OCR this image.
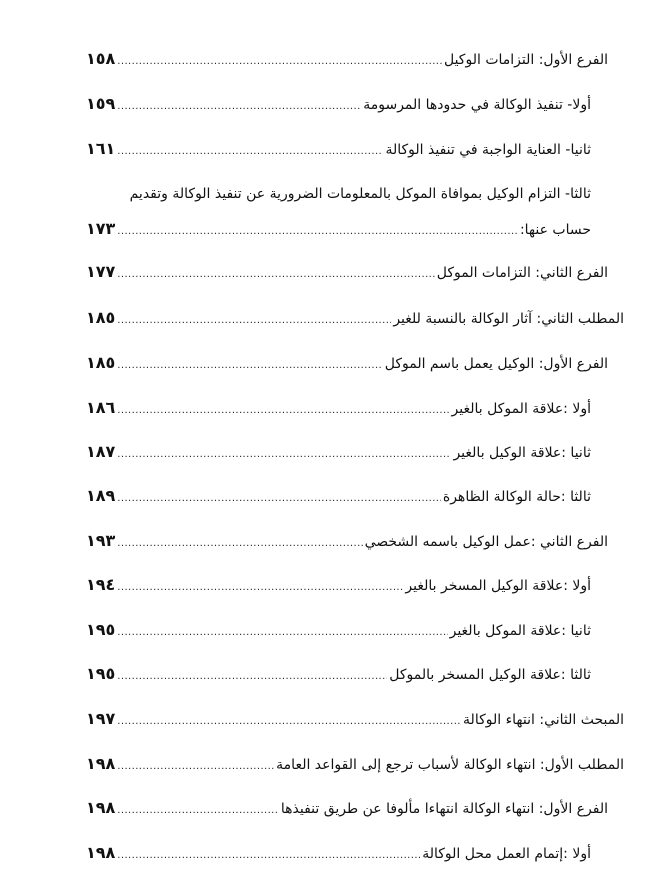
١٥٨ .....	الفرع الأول: التزامات الوكيل
١٥٩ .....	أولا- تنفيذ الوكالة في حدودها المرسومة
١٦١ .....	ثانيا- العناية الواجبة في تنفيذ الوكالة
ثالثا- التزام الوكيل بموافاة الموكل بالمعلومات الضرورية عن تنفيذ الوكالة وتقديم
١٧٣ .....	حساب عنها:
١٧٧ .....	الفرع الثاني: التزامات الموكل
١٨٥ .....	المطلب الثاني: آثار الوكالة بالنسبة للغير
١٨٥ .....	الفرع الأول: الوكيل يعمل باسم الموكل
١٨٦ .....	أولا :علاقة الموكل بالغير
١٨٧ .....	ثانيا :علاقة الوكيل بالغير
١٨٩ .....	ثالثا :حالة الوكالة الظاهرة
١٩٣ .....	الفرع الثاني :عمل الوكيل باسمه الشخصي
١٩٤ .....	أولا :علاقة الوكيل المسخر بالغير
١٩٥ .....	ثانيا :علاقة الموكل بالغير
١٩٥ .....	ثالثا :علاقة الوكيل المسخر بالموكل
١٩٧ .....	المبحث الثاني: انتهاء الوكالة
١٩٨ .....	المطلب الأول: انتهاء الوكالة لأسباب ترجع إلى القواعد العامة
١٩٨ .....	الفرع الأول: انتهاء الوكالة انتهاءا مألوفا عن طريق تنفيذها
١٩٨ .....	أولا :إتمام العمل محل الوكالة
